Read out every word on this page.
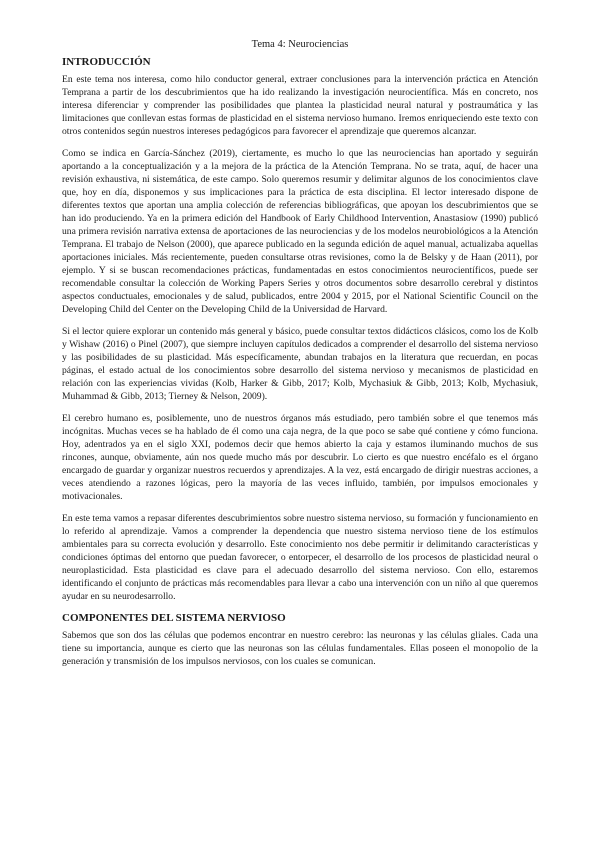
Tema 4: Neurociencias
INTRODUCCIÓN

En este tema nos interesa, como hilo conductor general, extraer conclusiones para la intervención práctica en Atención Temprana a partir de los descubrimientos que ha ido realizando la investigación neurocientífica. Más en concreto, nos interesa diferenciar y comprender las posibilidades que plantea la plasticidad neural natural y postraumática y las limitaciones que conllevan estas formas de plasticidad en el sistema nervioso humano. Iremos enriqueciendo este texto con otros contenidos según nuestros intereses pedagógicos para favorecer el aprendizaje que queremos alcanzar.

Como se indica en García-Sánchez (2019), ciertamente, es mucho lo que las neurociencias han aportado y seguirán aportando a la conceptualización y a la mejora de la práctica de la Atención Temprana. No se trata, aquí, de hacer una revisión exhaustiva, ni sistemática, de este campo. Solo queremos resumir y delimitar algunos de los conocimientos clave que, hoy en día, disponemos y sus implicaciones para la práctica de esta disciplina. El lector interesado dispone de diferentes textos que aportan una amplia colección de referencias bibliográficas, que apoyan los descubrimientos que se han ido produciendo. Ya en la primera edición del Handbook of Early Childhood Intervention, Anastasiow (1990) publicó una primera revisión narrativa extensa de aportaciones de las neurociencias y de los modelos neurobiológicos a la Atención Temprana. El trabajo de Nelson (2000), que aparece publicado en la segunda edición de aquel manual, actualizaba aquellas aportaciones iniciales. Más recientemente, pueden consultarse otras revisiones, como la de Belsky y de Haan (2011), por ejemplo. Y si se buscan recomendaciones prácticas, fundamentadas en estos conocimientos neurocientíficos, puede ser recomendable consultar la colección de Working Papers Series y otros documentos sobre desarrollo cerebral y distintos aspectos conductuales, emocionales y de salud, publicados, entre 2004 y 2015, por el National Scientific Council on the Developing Child del Center on the Developing Child de la Universidad de Harvard.

Si el lector quiere explorar un contenido más general y básico, puede consultar textos didácticos clásicos, como los de Kolb y Wishaw (2016) o Pinel (2007), que siempre incluyen capítulos dedicados a comprender el desarrollo del sistema nervioso y las posibilidades de su plasticidad. Más específicamente, abundan trabajos en la literatura que recuerdan, en pocas páginas, el estado actual de los conocimientos sobre desarrollo del sistema nervioso y mecanismos de plasticidad en relación con las experiencias vividas (Kolb, Harker & Gibb, 2017; Kolb, Mychasiuk & Gibb, 2013; Kolb, Mychasiuk, Muhammad & Gibb, 2013; Tierney & Nelson, 2009).

El cerebro humano es, posiblemente, uno de nuestros órganos más estudiado, pero también sobre el que tenemos más incógnitas. Muchas veces se ha hablado de él como una caja negra, de la que poco se sabe qué contiene y cómo funciona. Hoy, adentrados ya en el siglo XXI, podemos decir que hemos abierto la caja y estamos iluminando muchos de sus rincones, aunque, obviamente, aún nos quede mucho más por descubrir. Lo cierto es que nuestro encéfalo es el órgano encargado de guardar y organizar nuestros recuerdos y aprendizajes. A la vez, está encargado de dirigir nuestras acciones, a veces atendiendo a razones lógicas, pero la mayoría de las veces influido, también, por impulsos emocionales y motivacionales.

En este tema vamos a repasar diferentes descubrimientos sobre nuestro sistema nervioso, su formación y funcionamiento en lo referido al aprendizaje. Vamos a comprender la dependencia que nuestro sistema nervioso tiene de los estímulos ambientales para su correcta evolución y desarrollo. Este conocimiento nos debe permitir ir delimitando características y condiciones óptimas del entorno que puedan favorecer, o entorpecer, el desarrollo de los procesos de plasticidad neural o neuroplasticidad. Esta plasticidad es clave para el adecuado desarrollo del sistema nervioso. Con ello, estaremos identificando el conjunto de prácticas más recomendables para llevar a cabo una intervención con un niño al que queremos ayudar en su neurodesarrollo.

COMPONENTES DEL SISTEMA NERVIOSO

Sabemos que son dos las células que podemos encontrar en nuestro cerebro: las neuronas y las células gliales. Cada una tiene su importancia, aunque es cierto que las neuronas son las células fundamentales. Ellas poseen el monopolio de la generación y transmisión de los impulsos nerviosos, con los cuales se comunican.
